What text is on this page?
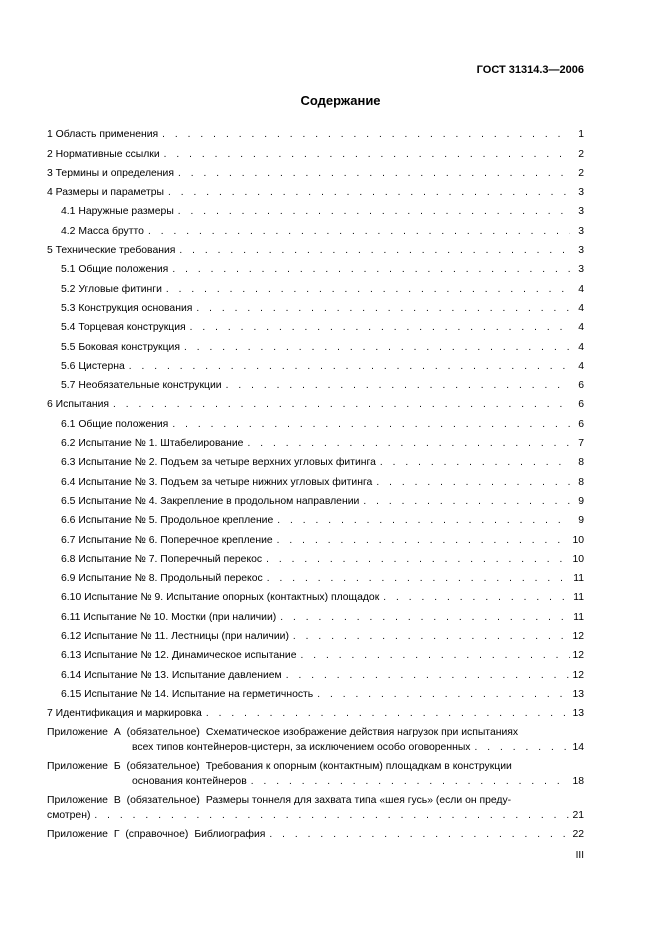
ГОСТ 31314.3—2006
Содержание
1 Область применения . . .	1
2 Нормативные ссылки . . .	2
3 Термины и определения . . .	2
4 Размеры и параметры . . .	3
4.1 Наружные размеры . . .	3
4.2 Масса брутто . . .	3
5 Технические требования . . .	3
5.1 Общие положения . . .	3
5.2 Угловые фитинги . . .	4
5.3 Конструкция основания . . .	4
5.4 Торцевая конструкция . . .	4
5.5 Боковая конструкция . . .	4
5.6 Цистерна . . .	4
5.7 Необязательные конструкции . . .	6
6 Испытания . . .	6
6.1 Общие положения . . .	6
6.2 Испытание № 1. Штабелирование . . .	7
6.3 Испытание № 2. Подъем за четыре верхних угловых фитинга . . .	8
6.4 Испытание № 3. Подъем за четыре нижних угловых фитинга . . .	8
6.5 Испытание № 4. Закрепление в продольном направлении . . .	9
6.6 Испытание № 5. Продольное крепление . . .	9
6.7 Испытание № 6. Поперечное крепление . . .	10
6.8 Испытание № 7. Поперечный перекос . . .	10
6.9 Испытание № 8. Продольный перекос . . .	11
6.10 Испытание № 9. Испытание опорных (контактных) площадок . . .	11
6.11 Испытание № 10. Мостки (при наличии) . . .	11
6.12 Испытание № 11. Лестницы (при наличии) . . .	12
6.13 Испытание № 12. Динамическое испытание . . .	12
6.14 Испытание № 13. Испытание давлением . . .	12
6.15 Испытание № 14. Испытание на герметичность . . .	13
7 Идентификация и маркировка . . .	13
Приложение А (обязательное) Схематическое изображение действия нагрузок при испытаниях
всех типов контейнеров-цистерн, за исключением особо оговоренных . . .	14
Приложение Б (обязательное) Требования к опорным (контактным) площадкам в конструкции
основания контейнеров . . .	18
Приложение В (обязательное) Размеры тоннеля для захвата типа «шея гусь» (если он преду-
смотрен) . . .	21
Приложение Г (справочное) Библиография . . .	22
III
